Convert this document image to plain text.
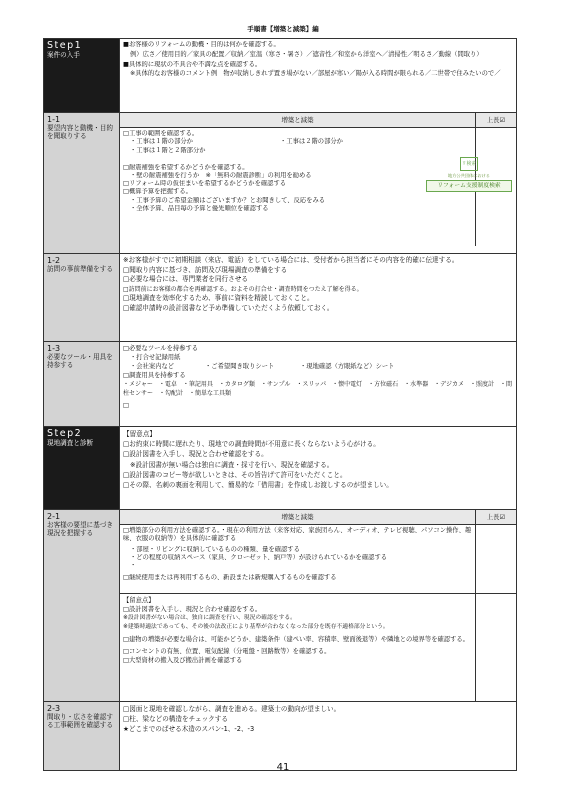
手順書【増築と減築】編
Step1
案件の入手
■お客様のリフォームの動機・目的は何かを確認する。
例）広さ／使用目的／家具の配置／収納／室温（寒さ・暑さ）／遮音性／和室から洋室へ／清掃性／明るさ／動線（間取り）
■具体的に現状の不具合や不満な点を確認する。
※具体的なお客様のコメント例　物が収納しきれず置き場がない／部屋が寒い／陽が入る時間が限られる／二世帯で住みたいので／
1-1
要望内容と動機・目的を聞取りする
増築と減築	上長☑
□工事の範囲を確認する。
・工事は１階の部分か	・工事は２階の部分か
・工事は１階と２階部分か
□耐震補強を希望するかどうかを確認する。
・壁の耐震補強を行うか　※「無料の耐震診断」の利用を勧める
□リフォーム時の仮住まいを希望するかどうかを確認する
□概算予算を把握する。
・工事予算のご希望金額はございますか？とお聞きして、反応をみる
・全体予算、品目毎の予算と優先順位を確認する
リ検索
地方公共団体における
リフォーム支援制度検索
1-2
訪問の事前準備をする
※お客様がすでに初期相談（来店、電話）をしている場合には、受付者から担当者にその内容を的確に伝達する。
□聞取り内容に基づき、訪問及び現場調査の準備をする
□必要な場合には、専門業者を同行させる
□訪問前にお客様の都合を再確認する。およその打合せ・調査時間をつたえ了解を得る。
□現地調査を効率化するため、事前に資料を精読しておくこと。
□確認申請時の設計図書など予め準備していただくよう依頼しておく。
1-3
必要なツール・用具を持参する
□必要なツールを持参する
・打合せ記録用紙
・会社案内など	・ご希望聞き取りシート	・現地確認（方眼紙など）シート
□調査用具を持参する
・メジャー　・電卓　・筆記用具　・カタログ類　・サンプル　・スリッパ　・懐中電灯　・方位磁石　・水準器　・デジカメ　・照度計　・間柱センサー　・勾配計　・簡単な工具類
□
Step2
現地調査と診断
【留意点】
□お約束に時間に遅れたり、現地での調査時間が不用意に長くならないよう心がける。
□設計図書を入手し、現況と合わせ確認をする。
※設計図書が無い場合は独自に調査・採寸を行い、現況を確認する。
□設計図書のコピー等が欲しいときは、その旨告げて許可をいただくこと。
□その際、名刺の裏面を利用して、簡易的な「借用書」を作成しお渡しするのが望ましい。
2-1
お客様の要望に基づき現況を把握する
増築と減築	上長☑
□増築部分の利用方法を確認する。・現在の利用方法（来客対応、家族団らん、オーディオ、テレビ視聴、パソコン操作、趣味、衣服の収納等）を具体的に確認する
・部屋・リビングに収納しているものの種類、量を確認する
・どの程度の収納スペース（家具、クローゼット、納戸等）が設けられているかを確認する
・
□継続使用または再利用するもの、新設または新規購入するものを確認する
【留意点】
□設計図書を入手し、現況と合わせ確認をする。
※設計図書がない場合は、独自に調査を行い、現況の確認をする。
※建築時適法であっても、その後の法改正により基準が合わなくなった部分を既存不適格部分という。
□建物の増築が必要な場合は、可能かどうか、建築条件（建ぺい率、容積率、壁面後退等）や隣地との境界等を確認する。
□コンセントの有無、位置、電気配線（分電盤・回路数等）を確認する。
□大型資材の搬入及び搬出計画を確認する
2-3
間取り・広さを確認する工事範囲を確認する
□図面と現地を確認しながら、調査を進める。建築士の動向が望ましい。
□柱、梁などの構造をチェックする
★どこまでのばせる木造のスパン-1、-2、-3
41
